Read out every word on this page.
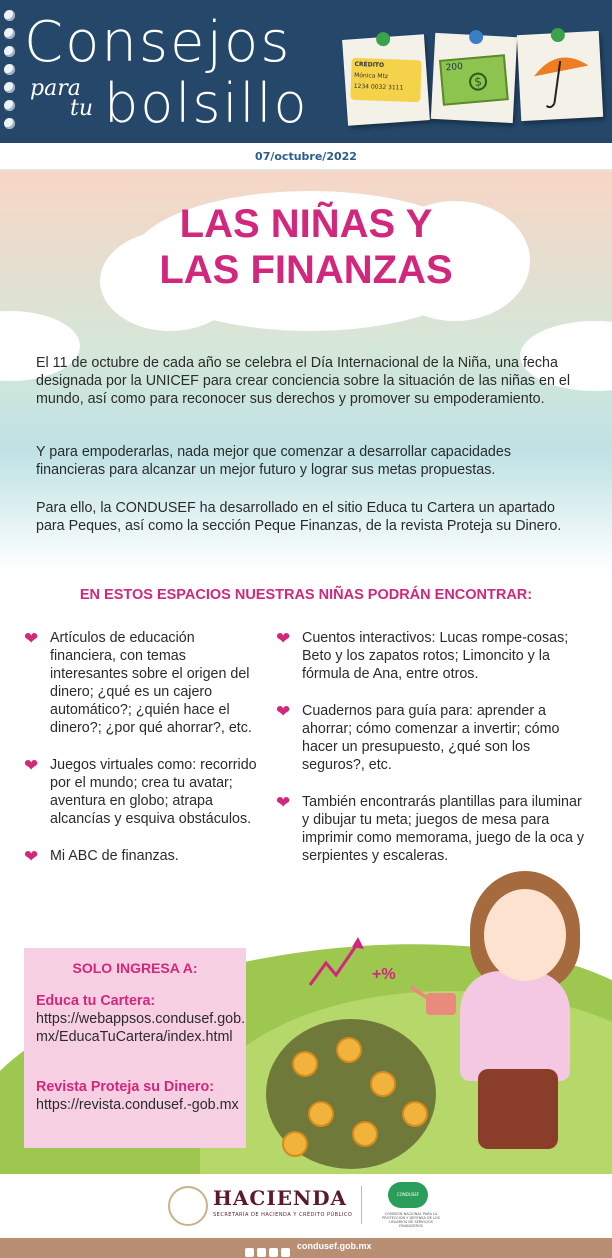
Consejos
para
tu bolsillo
CRÉDITO
Mónica Mtz
1234 0032 3111
200
$
07/octubre/2022
LAS NIÑAS Y
LAS FINANZAS
El 11 de octubre de cada año se celebra el Día Internacional de la Niña, una fecha designada por la UNICEF para crear conciencia sobre la situación de las niñas en el mundo, así como para reconocer sus derechos y promover su empoderamiento.
Y para empoderarlas, nada mejor que comenzar a desarrollar capacidades financieras para alcanzar un mejor futuro y lograr sus metas propuestas.
Para ello, la CONDUSEF ha desarrollado en el sitio Educa tu Cartera un apartado para Peques, así como la sección Peque Finanzas, de la revista Proteja su Dinero.
EN ESTOS ESPACIOS NUESTRAS NIÑAS PODRÁN ENCONTRAR:
❤ Artículos de educación financiera, con temas interesantes sobre el origen del dinero; ¿qué es un cajero automático?; ¿quién hace el dinero?; ¿por qué ahorrar?, etc.
❤ Juegos virtuales como: recorrido por el mundo; crea tu avatar; aventura en globo; atrapa alcancías y esquiva obstáculos.
❤ Mi ABC de finanzas.
❤ Cuentos interactivos: Lucas rompe-cosas; Beto y los zapatos rotos; Limoncito y la fórmula de Ana, entre otros.
❤ Cuadernos para guía para: aprender a ahorrar; cómo comenzar a invertir; cómo hacer un presupuesto, ¿qué son los seguros?, etc.
❤ También encontrarás plantillas para iluminar y dibujar tu meta; juegos de mesa para imprimir como memorama, juego de la oca y serpientes y escaleras.
+%
SOLO INGRESA A:
Educa tu Cartera:
https://webappsos.condusef.gob.mx/EducaTuCartera/index.html
Revista Proteja su Dinero:
https://revista.condusef.-gob.mx
HACIENDA
SECRETARÍA DE HACIENDA Y CRÉDITO PÚBLICO
CONDUSEF
COMISIÓN NACIONAL PARA LA PROTECCIÓN Y DEFENSA DE LOS USUARIOS DE SERVICIOS FINANCIEROS
condusef.gob.mx
